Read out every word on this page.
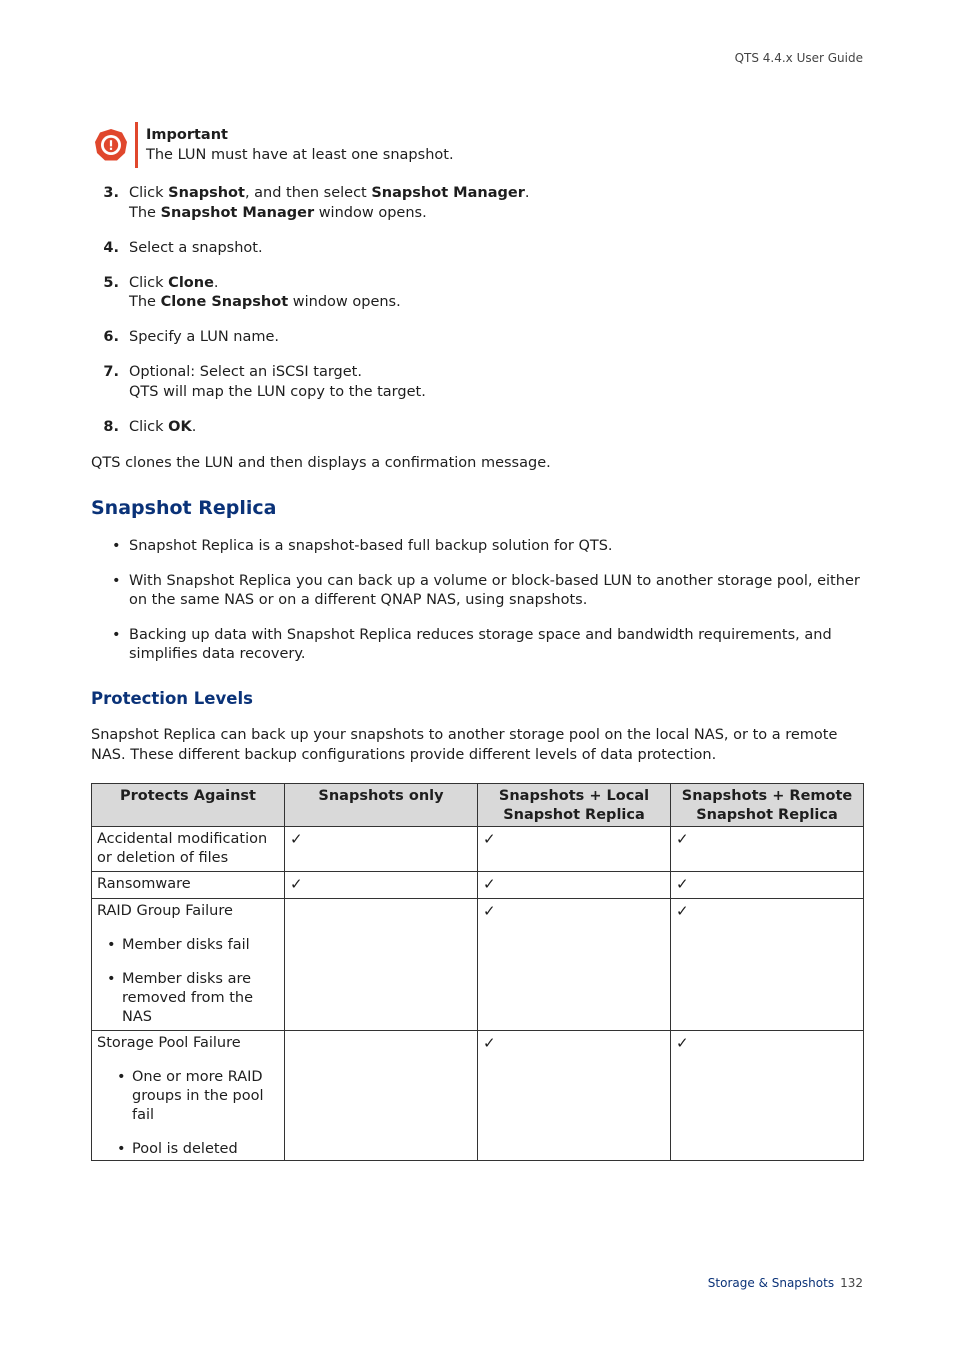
QTS 4.4.x User Guide
Important
The LUN must have at least one snapshot.
3. Click Snapshot, and then select Snapshot Manager.
The Snapshot Manager window opens.
4. Select a snapshot.
5. Click Clone.
The Clone Snapshot window opens.
6. Specify a LUN name.
7. Optional: Select an iSCSI target.
QTS will map the LUN copy to the target.
8. Click OK.
QTS clones the LUN and then displays a confirmation message.
Snapshot Replica
• Snapshot Replica is a snapshot-based full backup solution for QTS.
• With Snapshot Replica you can back up a volume or block-based LUN to another storage pool, either on the same NAS or on a different QNAP NAS, using snapshots.
• Backing up data with Snapshot Replica reduces storage space and bandwidth requirements, and simplifies data recovery.
Protection Levels
Snapshot Replica can back up your snapshots to another storage pool on the local NAS, or to a remote NAS. These different backup configurations provide different levels of data protection.
Protects Against	Snapshots only	Snapshots + Local Snapshot Replica	Snapshots + Remote Snapshot Replica
Accidental modification or deletion of files	✓	✓	✓
Ransomware	✓	✓	✓

RAID Group Failure
• Member disks fail
• Member disks are removed from the NAS		✓	✓

Storage Pool Failure
• One or more RAID groups in the pool fail
• Pool is deleted		✓	✓
Storage & Snapshots 132
